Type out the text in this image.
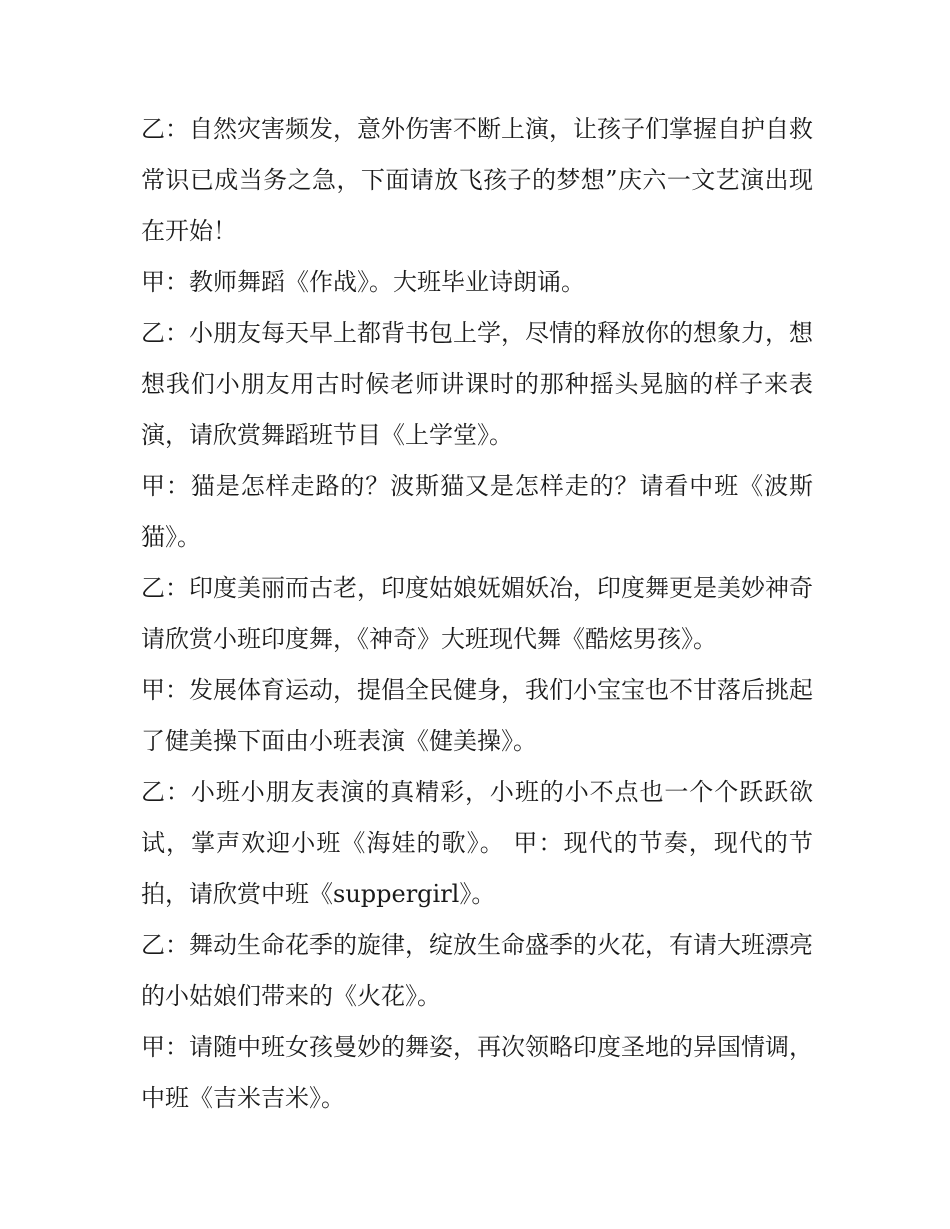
乙：自然灾害频发，意外伤害不断上演，让孩子们掌握自护自救常识已成当务之急，下面请放飞孩子的梦想”庆六一文艺演出现在开始！

甲：教师舞蹈《作战》。大班毕业诗朗诵。

乙：小朋友每天早上都背书包上学，尽情的释放你的想象力，想想我们小朋友用古时候老师讲课时的那种摇头晃脑的样子来表演，请欣赏舞蹈班节目《上学堂》。

甲：猫是怎样走路的？波斯猫又是怎样走的？请看中班《波斯猫》。

乙：印度美丽而古老，印度姑娘妩媚妖冶，印度舞更是美妙神奇请欣赏小班印度舞，《神奇》大班现代舞《酷炫男孩》。

甲：发展体育运动，提倡全民健身，我们小宝宝也不甘落后挑起了健美操下面由小班表演《健美操》。

乙：小班小朋友表演的真精彩，小班的小不点也一个个跃跃欲试，掌声欢迎小班《海娃的歌》。 甲：现代的节奏，现代的节拍，请欣赏中班《suppergirl》。

乙：舞动生命花季的旋律，绽放生命盛季的火花，有请大班漂亮的小姑娘们带来的《火花》。

甲：请随中班女孩曼妙的舞姿，再次领略印度圣地的异国情调，中班《吉米吉米》。
